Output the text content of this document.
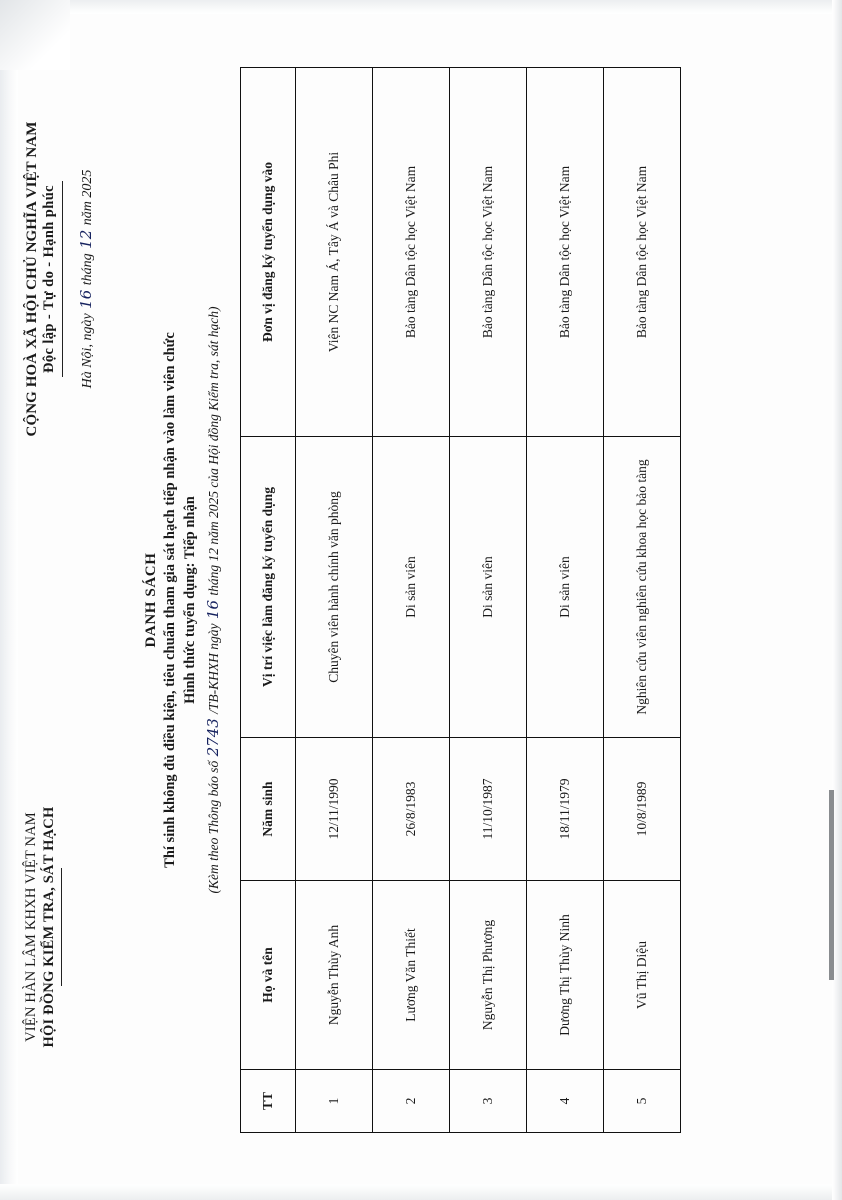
VIỆN HÀN LÂM KHXH VIỆT NAM HỘI ĐỒNG KIỂM TRA, SÁT HẠCH
CỘNG HOÀ XÃ HỘI CHỦ NGHĨA VIỆT NAM Độc lập - Tự do - Hạnh phúc Hà Nội, ngày 16 tháng 12 năm 2025
DANH SÁCH Thí sinh không đủ điều kiện, tiêu chuẩn tham gia sát hạch tiếp nhận vào làm viên chức Hình thức tuyển dụng: Tiếp nhận
(Kèm theo Thông báo số 2743 /TB-KHXH ngày 16 tháng 12 năm 2025 của Hội đồng Kiểm tra, sát hạch)
TT	Họ và tên	Năm sinh	Vị trí việc làm đăng ký tuyển dụng	Đơn vị đăng ký tuyển dụng vào
1	Nguyễn Thùy Anh	12/11/1990	Chuyên viên hành chính văn phòng	Viện NC Nam Á, Tây Á và Châu Phi
2	Lương Văn Thiết	26/8/1983	Di sản viên	Bảo tàng Dân tộc học Việt Nam
3	Nguyễn Thị Phượng	11/10/1987	Di sản viên	Bảo tàng Dân tộc học Việt Nam
4	Dương Thị Thùy Ninh	18/11/1979	Di sản viên	Bảo tàng Dân tộc học Việt Nam
5	Vũ Thị Diệu	10/8/1989	Nghiên cứu viên nghiên cứu khoa học bảo tàng	Bảo tàng Dân tộc học Việt Nam
